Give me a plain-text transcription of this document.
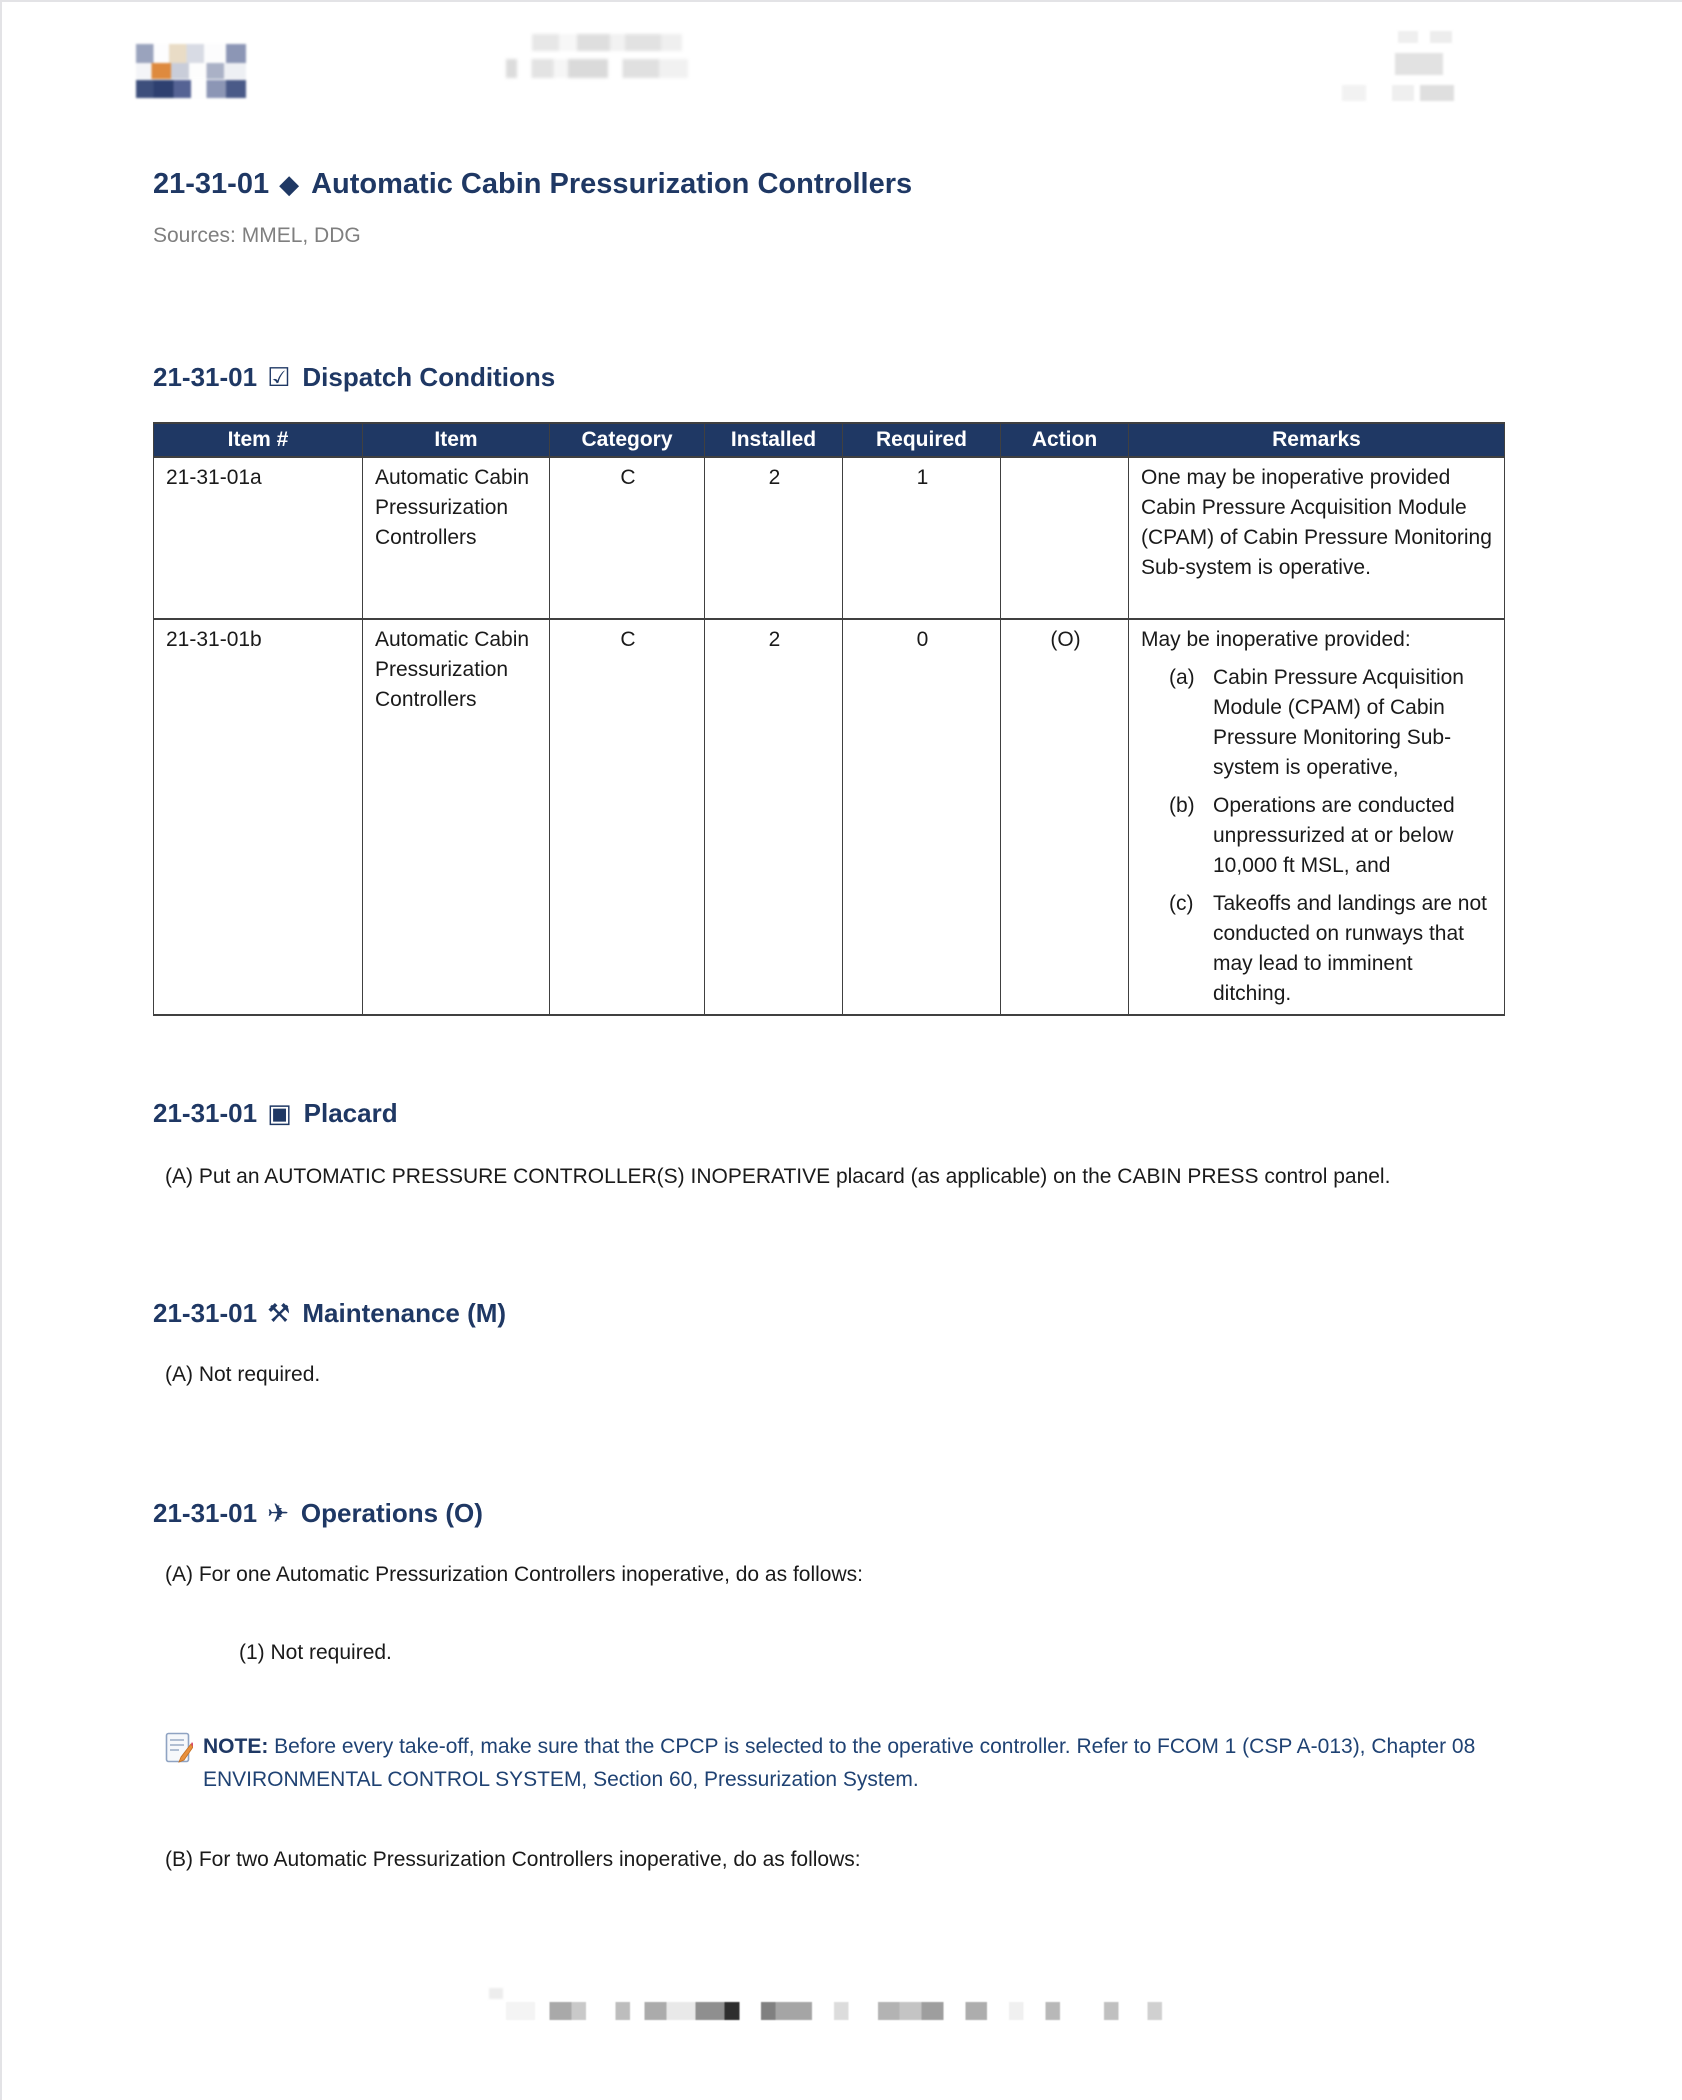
21-31-01 ◆ Automatic Cabin Pressurization Controllers
Sources: MMEL, DDG
21-31-01 ☑ Dispatch Conditions
Item #	Item	Category	Installed	Required	Action	Remarks
21-31-01a	Automatic Cabin Pressurization Controllers	C	2	1		One may be inoperative provided Cabin Pressure Acquisition Module (CPAM) of Cabin Pressure Monitoring Sub-system is operative.
21-31-01b	Automatic Cabin Pressurization Controllers	C	2	0	(O)	May be inoperative provided:
(a) Cabin Pressure Acquisition Module (CPAM) of Cabin Pressure Monitoring Sub-system is operative,
(b) Operations are conducted unpressurized at or below 10,000 ft MSL, and
(c) Takeoffs and landings are not conducted on runways that may lead to imminent ditching.
21-31-01 ▣ Placard
(A) Put an AUTOMATIC PRESSURE CONTROLLER(S) INOPERATIVE placard (as applicable) on the CABIN PRESS control panel.
21-31-01 ⚒ Maintenance (M)
(A) Not required.
21-31-01 ✈ Operations (O)
(A) For one Automatic Pressurization Controllers inoperative, do as follows:
(1) Not required.
NOTE: Before every take-off, make sure that the CPCP is selected to the operative controller. Refer to FCOM 1 (CSP A-013), Chapter 08 ENVIRONMENTAL CONTROL SYSTEM, Section 60, Pressurization System.
(B) For two Automatic Pressurization Controllers inoperative, do as follows:
